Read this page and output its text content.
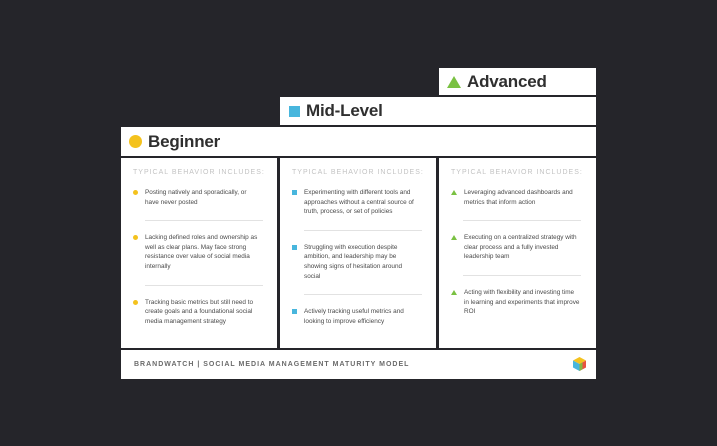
Advanced
Mid-Level
Beginner
TYPICAL BEHAVIOR INCLUDES:
Posting natively and sporadically, or have never posted
Lacking defined roles and ownership as well as clear plans. May face strong resistance over value of social media internally
Tracking basic metrics but still need to create goals and a foundational social media management strategy
TYPICAL BEHAVIOR INCLUDES:
Experimenting with different tools and approaches without a central source of truth, process, or set of policies
Struggling with execution despite ambition, and leadership may be showing signs of hesitation around social
Actively tracking useful metrics and looking to improve efficiency
TYPICAL BEHAVIOR INCLUDES:
Leveraging advanced dashboards and metrics that inform action
Executing on a centralized strategy with clear process and a fully invested leadership team
Acting with flexibility and investing time in learning and experiments that improve ROI
BRANDWATCH | SOCIAL MEDIA MANAGEMENT MATURITY MODEL
